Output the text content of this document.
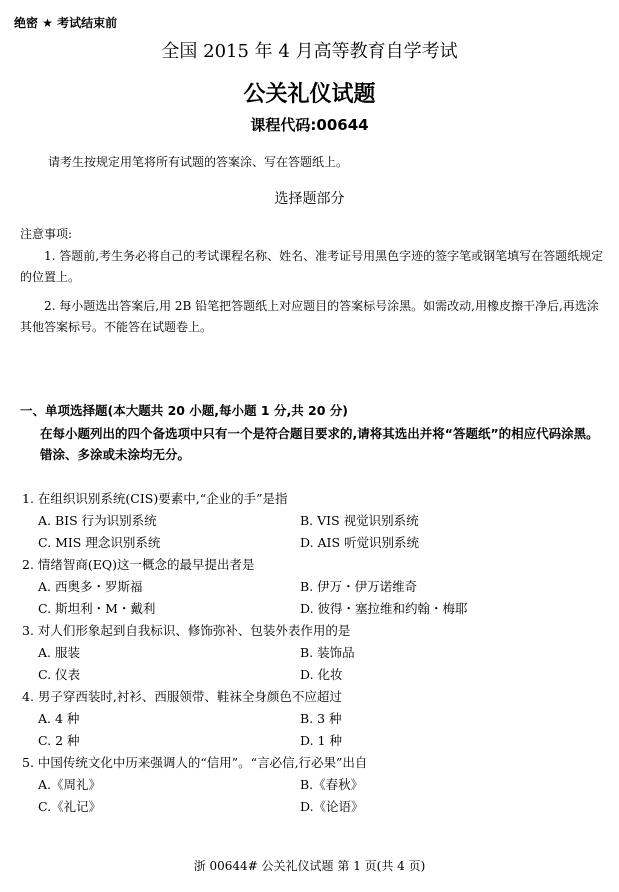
绝密 ★ 考试结束前
全国 2015 年 4 月高等教育自学考试
公关礼仪试题
课程代码:00644
请考生按规定用笔将所有试题的答案涂、写在答题纸上。
选择题部分
注意事项:
1. 答题前,考生务必将自己的考试课程名称、姓名、准考证号用黑色字迹的签字笔或钢笔填写在答题纸规定的位置上。
2. 每小题选出答案后,用 2B 铅笔把答题纸上对应题目的答案标号涂黑。如需改动,用橡皮擦干净后,再选涂其他答案标号。不能答在试题卷上。
一、单项选择题(本大题共 20 小题,每小题 1 分,共 20 分)
在每小题列出的四个备选项中只有一个是符合题目要求的,请将其选出并将“答题纸”的相应代码涂黑。错涂、多涂或未涂均无分。
1. 在组织识别系统(CIS)要素中,“企业的手”是指
A. BIS 行为识别系统	B. VIS 视觉识别系统
C. MIS 理念识别系统	D. AIS 听觉识别系统
2. 情绪智商(EQ)这一概念的最早提出者是
A. 西奥多・罗斯福	B. 伊万・伊万诺维奇
C. 斯坦利・M・戴利	D. 彼得・塞拉维和约翰・梅耶
3. 对人们形象起到自我标识、修饰弥补、包装外表作用的是
A. 服装	B. 装饰品
C. 仪表	D. 化妆
4. 男子穿西装时,衬衫、西服领带、鞋袜全身颜色不应超过
A. 4 种	B. 3 种
C. 2 种	D. 1 种
5. 中国传统文化中历来强调人的“信用”。“言必信,行必果”出自
A.《周礼》	B.《春秋》
C.《礼记》	D.《论语》
浙 00644# 公关礼仪试题 第 1 页(共 4 页)
